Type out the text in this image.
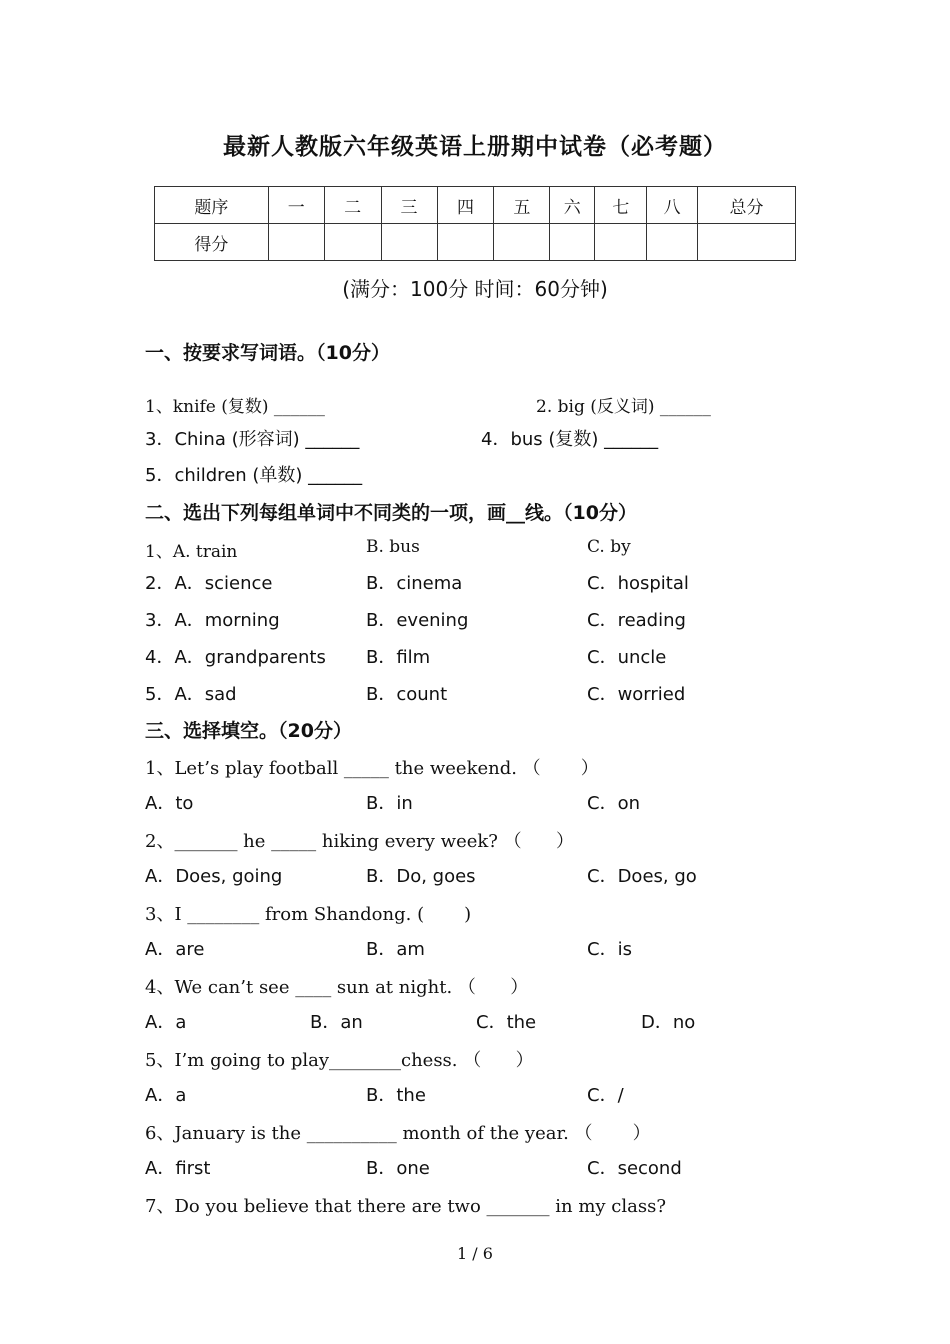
最新人教版六年级英语上册期中试卷（必考题）
题序	一	二	三	四	五	六	七	八	总分
得分									
(满分：100分 时间：60分钟)
一、按要求写词语。（10分）
1、knife (复数) ______	2. big (反义词) ______
3．China (形容词) ______	4．bus (复数) ______
5．children (单数) ______
二、选出下列每组单词中不同类的一项，画__线。（10分）
1、A. train	B. bus	C. by
2．A．science	B．cinema	C．hospital
3．A．morning	B．evening	C．reading
4．A．grandparents B．film	C．uncle
5．A．sad	B．count	C．worried
三、选择填空。（20分）
1、Let’s play football _____ the weekend. （       ）
A．to	B．in	C．on
2、_______ he _____ hiking every week? （      ）
A．Does, going	B．Do, goes	C．Does, go
3、I ________ from Shandong. (       )
A．are	B．am	C．is
4、We can’t see ____ sun at night. （      ）
A．a	B．an	C．the	D．no
5、I’m going to play________chess. （      ）
A．a	B．the	C．/
6、January is the __________ month of the year. （       ）
A．first	B．one	C．second
7、Do you believe that there are two _______ in my class?
1 / 6
